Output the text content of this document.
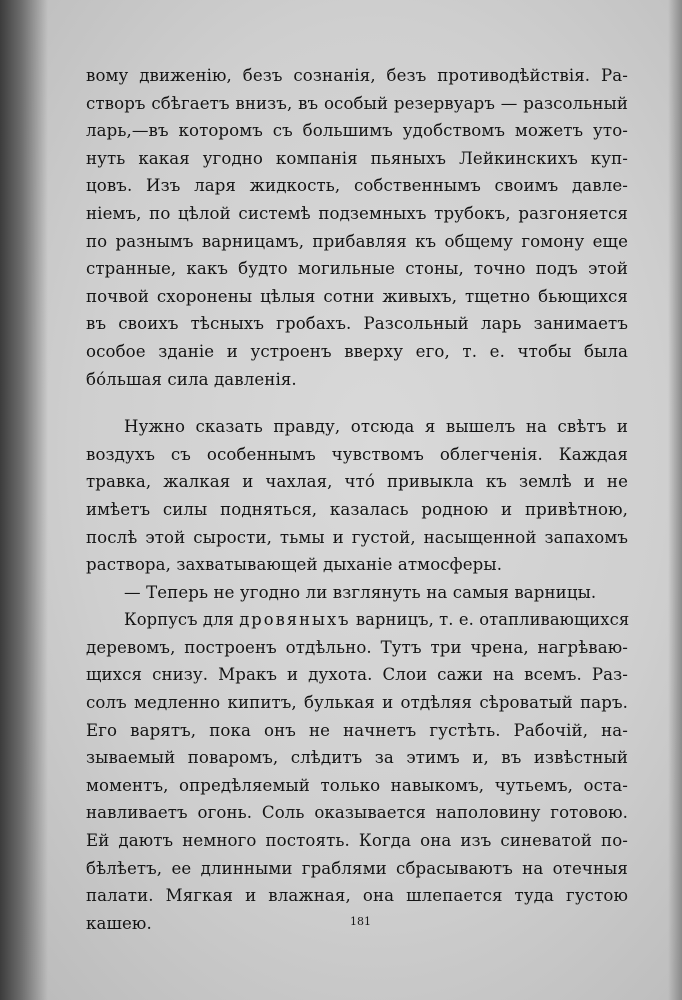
вому движенію, безъ сознанія, безъ противодѣйствія. Ра-
створъ сбѣгаетъ внизъ, въ особый резервуаръ — разсольный
ларь,—въ которомъ съ большимъ удобствомъ можетъ уто-
нуть какая угодно компанія пьяныхъ Лейкинскихъ куп-
цовъ. Изъ ларя жидкость, собственнымъ своимъ давле-
ніемъ, по цѣлой системѣ подземныхъ трубокъ, разгоняется
по разнымъ варницамъ, прибавляя къ общему гомону еще
странные, какъ будто могильные стоны, точно подъ этой
почвой схоронены цѣлыя сотни живыхъ, тщетно бьющихся
въ своихъ тѣсныхъ гробахъ. Разсольный ларь занимаетъ
особое зданіе и устроенъ вверху его, т. е. чтобы была
бо́льшая сила давленія.

Нужно сказать правду, отсюда я вышелъ на свѣтъ и
воздухъ съ особеннымъ чувствомъ облегченія. Каждая
травка, жалкая и чахлая, что́ привыкла къ землѣ и не
имѣетъ силы подняться, казалась родною и привѣтною,
послѣ этой сырости, тьмы и густой, насыщенной запахомъ
раствора, захватывающей дыханіе атмосферы.

— Теперь не угодно ли взглянуть на самыя варницы.

Корпусъ для дровяныхъ варницъ, т. е. отапливающихся
деревомъ, построенъ отдѣльно. Тутъ три чрена, нагрѣваю-
щихся снизу. Мракъ и духота. Слои сажи на всемъ. Раз-
солъ медленно кипитъ, булькая и отдѣляя сѣроватый паръ.
Его варятъ, пока онъ не начнетъ густѣть. Рабочій, на-
зываемый поваромъ, слѣдитъ за этимъ и, въ извѣстный
моментъ, опредѣляемый только навыкомъ, чутьемъ, оста-
навливаетъ огонь. Соль оказывается наполовину готовою.
Ей даютъ немного постоять. Когда она изъ синеватой по-
бѣлѣетъ, ее длинными граблями сбрасываютъ на отечныя
палати. Мягкая и влажная, она шлепается туда густою
кашею.	181
